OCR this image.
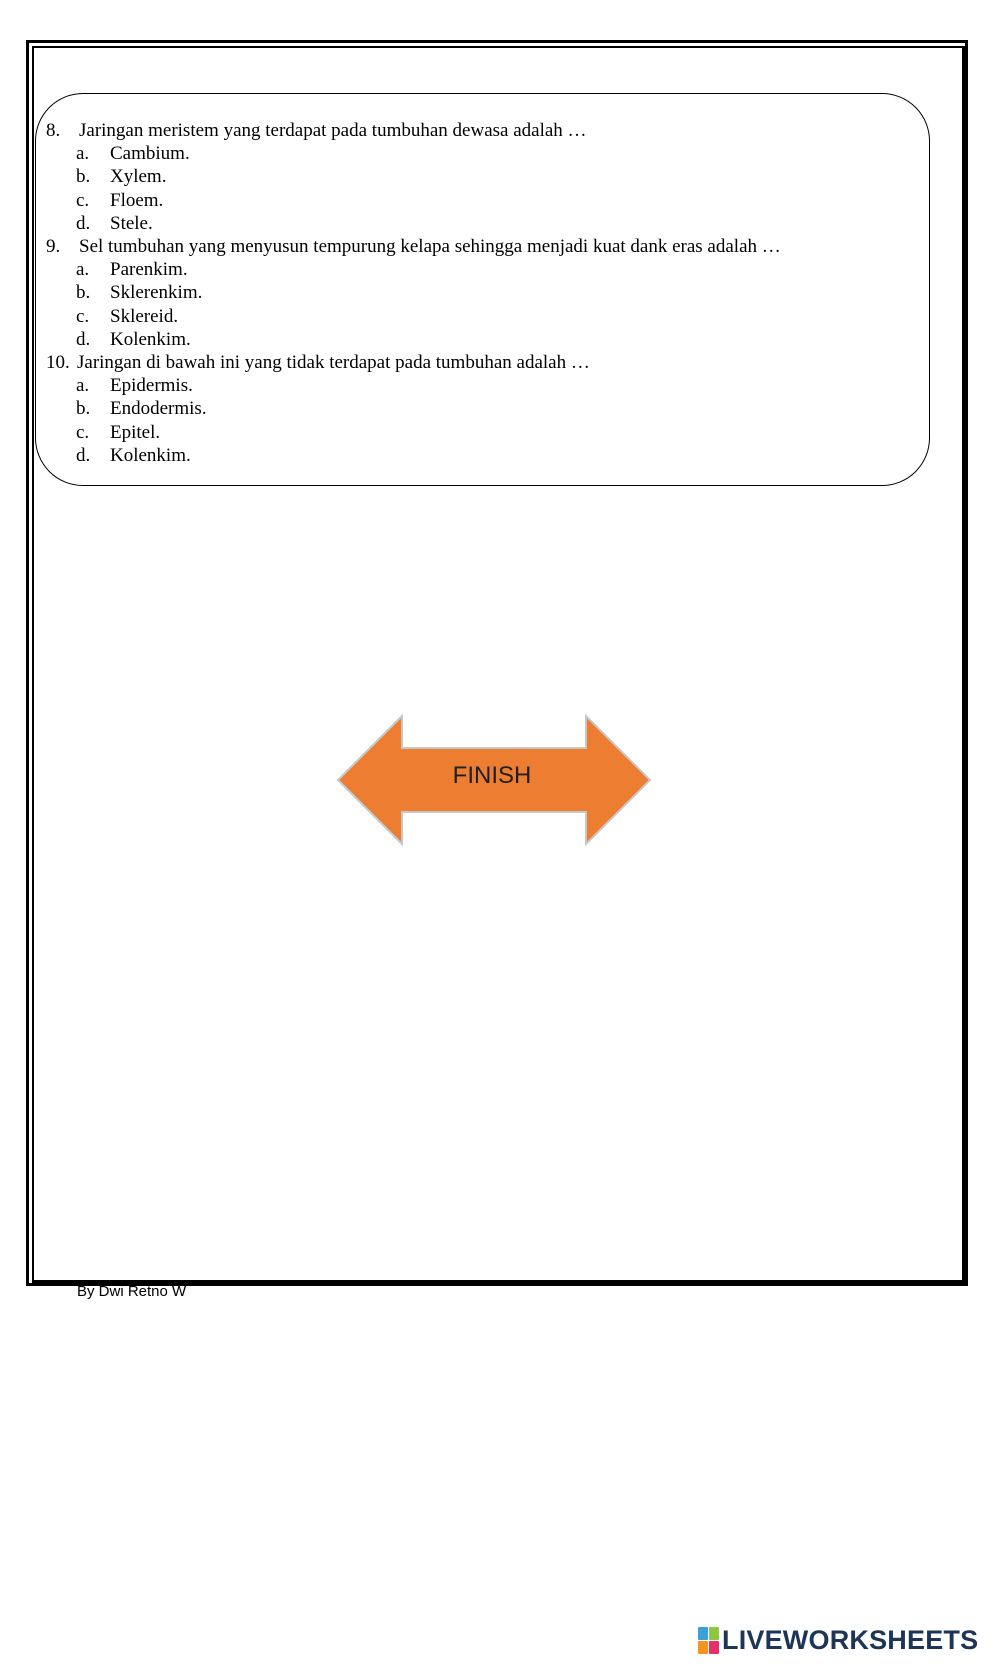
8. Jaringan meristem yang terdapat pada tumbuhan dewasa adalah …
a.	Cambium.
b.	Xylem.
c.	Floem.
d.	Stele.
9. Sel tumbuhan yang menyusun tempurung kelapa sehingga menjadi kuat dank eras adalah …
a.	Parenkim.
b.	Sklerenkim.
c.	Sklereid.
d.	Kolenkim.
10. Jaringan di bawah ini yang tidak terdapat pada tumbuhan adalah …
a.	Epidermis.
b.	Endodermis.
c.	Epitel.
d.	Kolenkim.
FINISH
By Dwi Retno W
LIVEWORKSHEETS
